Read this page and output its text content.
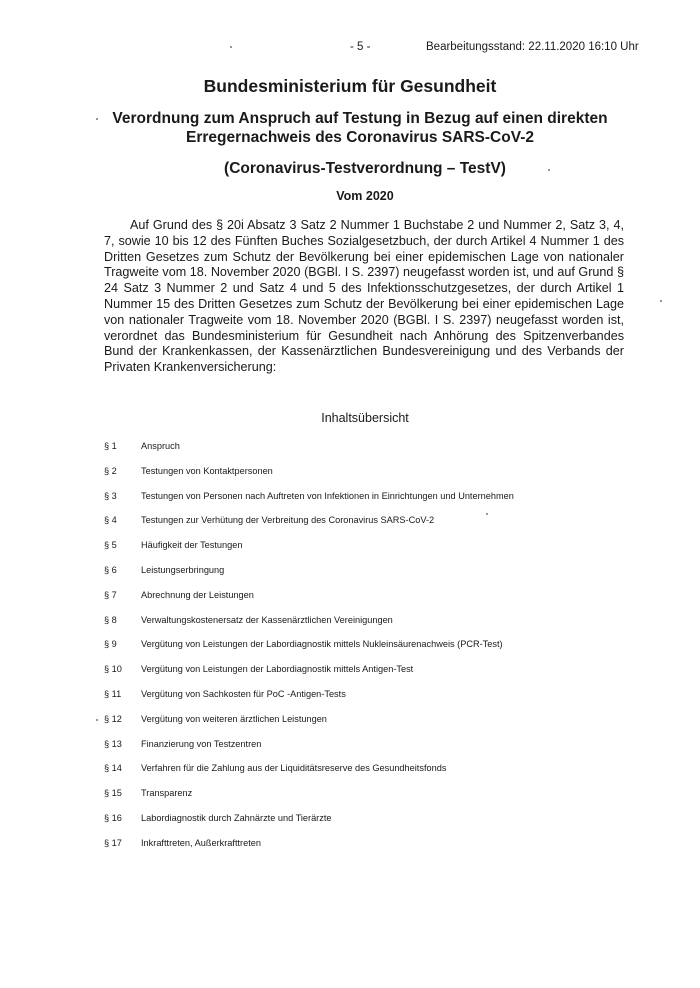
- 5 -	Bearbeitungsstand: 22.11.2020 16:10 Uhr
Bundesministerium für Gesundheit
Verordnung zum Anspruch auf Testung in Bezug auf einen direkten Erregernachweis des Coronavirus SARS-CoV-2
(Coronavirus-Testverordnung – TestV)
Vom 2020

Auf Grund des § 20i Absatz 3 Satz 2 Nummer 1 Buchstabe 2 und Nummer 2, Satz 3, 4, 7, sowie 10 bis 12 des Fünften Buches Sozialgesetzbuch, der durch Artikel 4 Nummer 1 des Dritten Gesetzes zum Schutz der Bevölkerung bei einer epidemischen Lage von nationaler Tragweite vom 18. November 2020 (BGBl. I S. 2397) neugefasst worden ist, und auf Grund § 24 Satz 3 Nummer 2 und Satz 4 und 5 des Infektionsschutzgesetzes, der durch Artikel 1 Nummer 15 des Dritten Gesetzes zum Schutz der Bevölkerung bei einer epidemischen Lage von nationaler Tragweite vom 18. November 2020 (BGBl. I S. 2397) neugefasst worden ist, verordnet das Bundesministerium für Gesundheit nach Anhörung des Spitzenverbandes Bund der Krankenkassen, der Kassenärztlichen Bundesvereinigung und des Verbands der Privaten Krankenversicherung:

Inhaltsübersicht
§ 1	Anspruch
§ 2	Testungen von Kontaktpersonen
§ 3	Testungen von Personen nach Auftreten von Infektionen in Einrichtungen und Unternehmen
§ 4	Testungen zur Verhütung der Verbreitung des Coronavirus SARS-CoV-2
§ 5	Häufigkeit der Testungen
§ 6	Leistungserbringung
§ 7	Abrechnung der Leistungen
§ 8	Verwaltungskostenersatz der Kassenärztlichen Vereinigungen
§ 9	Vergütung von Leistungen der Labordiagnostik mittels Nukleinsäurenachweis (PCR-Test)
§ 10 Vergütung von Leistungen der Labordiagnostik mittels Antigen-Test
§ 11 Vergütung von Sachkosten für PoC -Antigen-Tests
§ 12 Vergütung von weiteren ärztlichen Leistungen
§ 13 Finanzierung von Testzentren
§ 14 Verfahren für die Zahlung aus der Liquiditätsreserve des Gesundheitsfonds
§ 15 Transparenz
§ 16 Labordiagnostik durch Zahnärzte und Tierärzte
§ 17 Inkrafttreten, Außerkrafttreten
